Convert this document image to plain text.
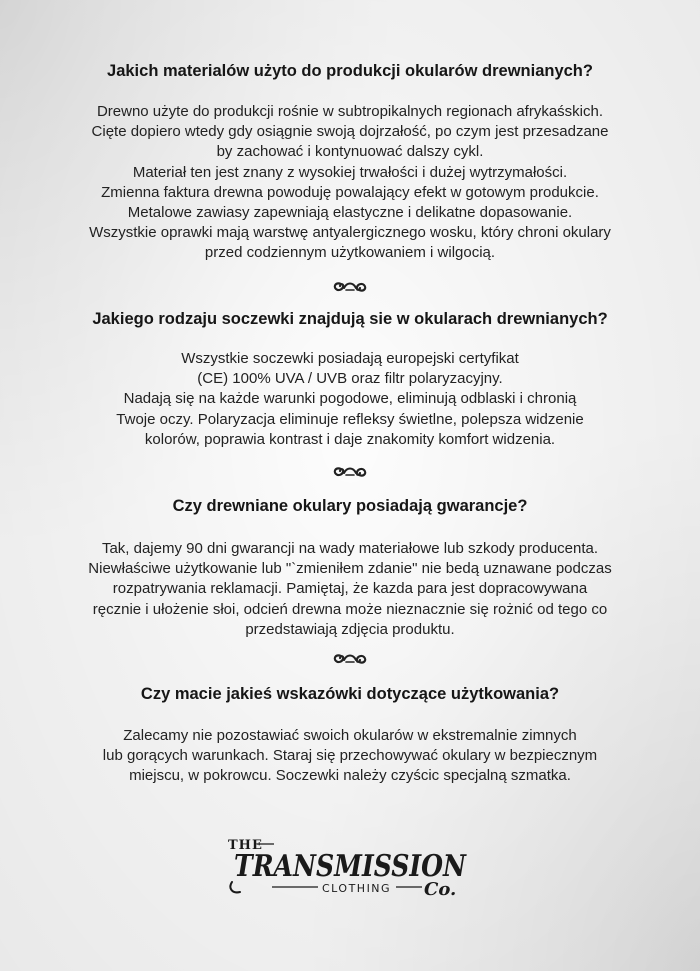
Jakich materialów użyto do produkcji okularów drewnianych?
Drewno użyte do produkcji rośnie w subtropikalnych regionach afrykaśskich.
Cięte dopiero wtedy gdy osiągnie swoją dojrzałość, po czym jest przesadzane
by zachować i kontynuować dalszy cykl.
Materiał ten jest znany z wysokiej trwałości i dużej wytrzymałości.
Zmienna faktura drewna powoduję powalający efekt w gotowym produkcie.
Metalowe zawiasy zapewniają elastyczne i delikatne dopasowanie.
Wszystkie oprawki mają warstwę antyalergicznego wosku, który chroni okulary
przed codziennym użytkowaniem i wilgocią.
Jakiego rodzaju soczewki znajdują sie w okularach drewnianych?
Wszystkie soczewki posiadają europejski certyfikat
(CE) 100% UVA / UVB oraz filtr polaryzacyjny.
Nadają się na każde warunki pogodowe, eliminują odblaski i chronią
Twoje oczy. Polaryzacja eliminuje refleksy świetlne, polepsza widzenie
kolorów, poprawia kontrast i daje znakomity komfort widzenia.
Czy drewniane okulary posiadają gwarancje?
Tak, dajemy 90 dni gwarancji na wady materiałowe lub szkody producenta.
Niewłaściwe użytkowanie lub "`zmieniłem zdanie" nie bedą uznawane podczas
rozpatrywania reklamacji. Pamiętaj, że kazda para jest dopracowywana
ręcznie i ułożenie słoi, odcień drewna może nieznacznie się rożnić od tego co
przedstawiają zdjęcia produktu.
Czy macie jakieś wskazówki dotyczące użytkowania?
Zalecamy nie pozostawiać swoich okularów w ekstremalnie zimnych
lub gorących warunkach. Staraj się przechowywać okulary w bezpiecznym
miejscu, w pokrowcu. Soczewki należy czyścic specjalną szmatka.
THE
TRANSMISSION
CLOTHING Co.
